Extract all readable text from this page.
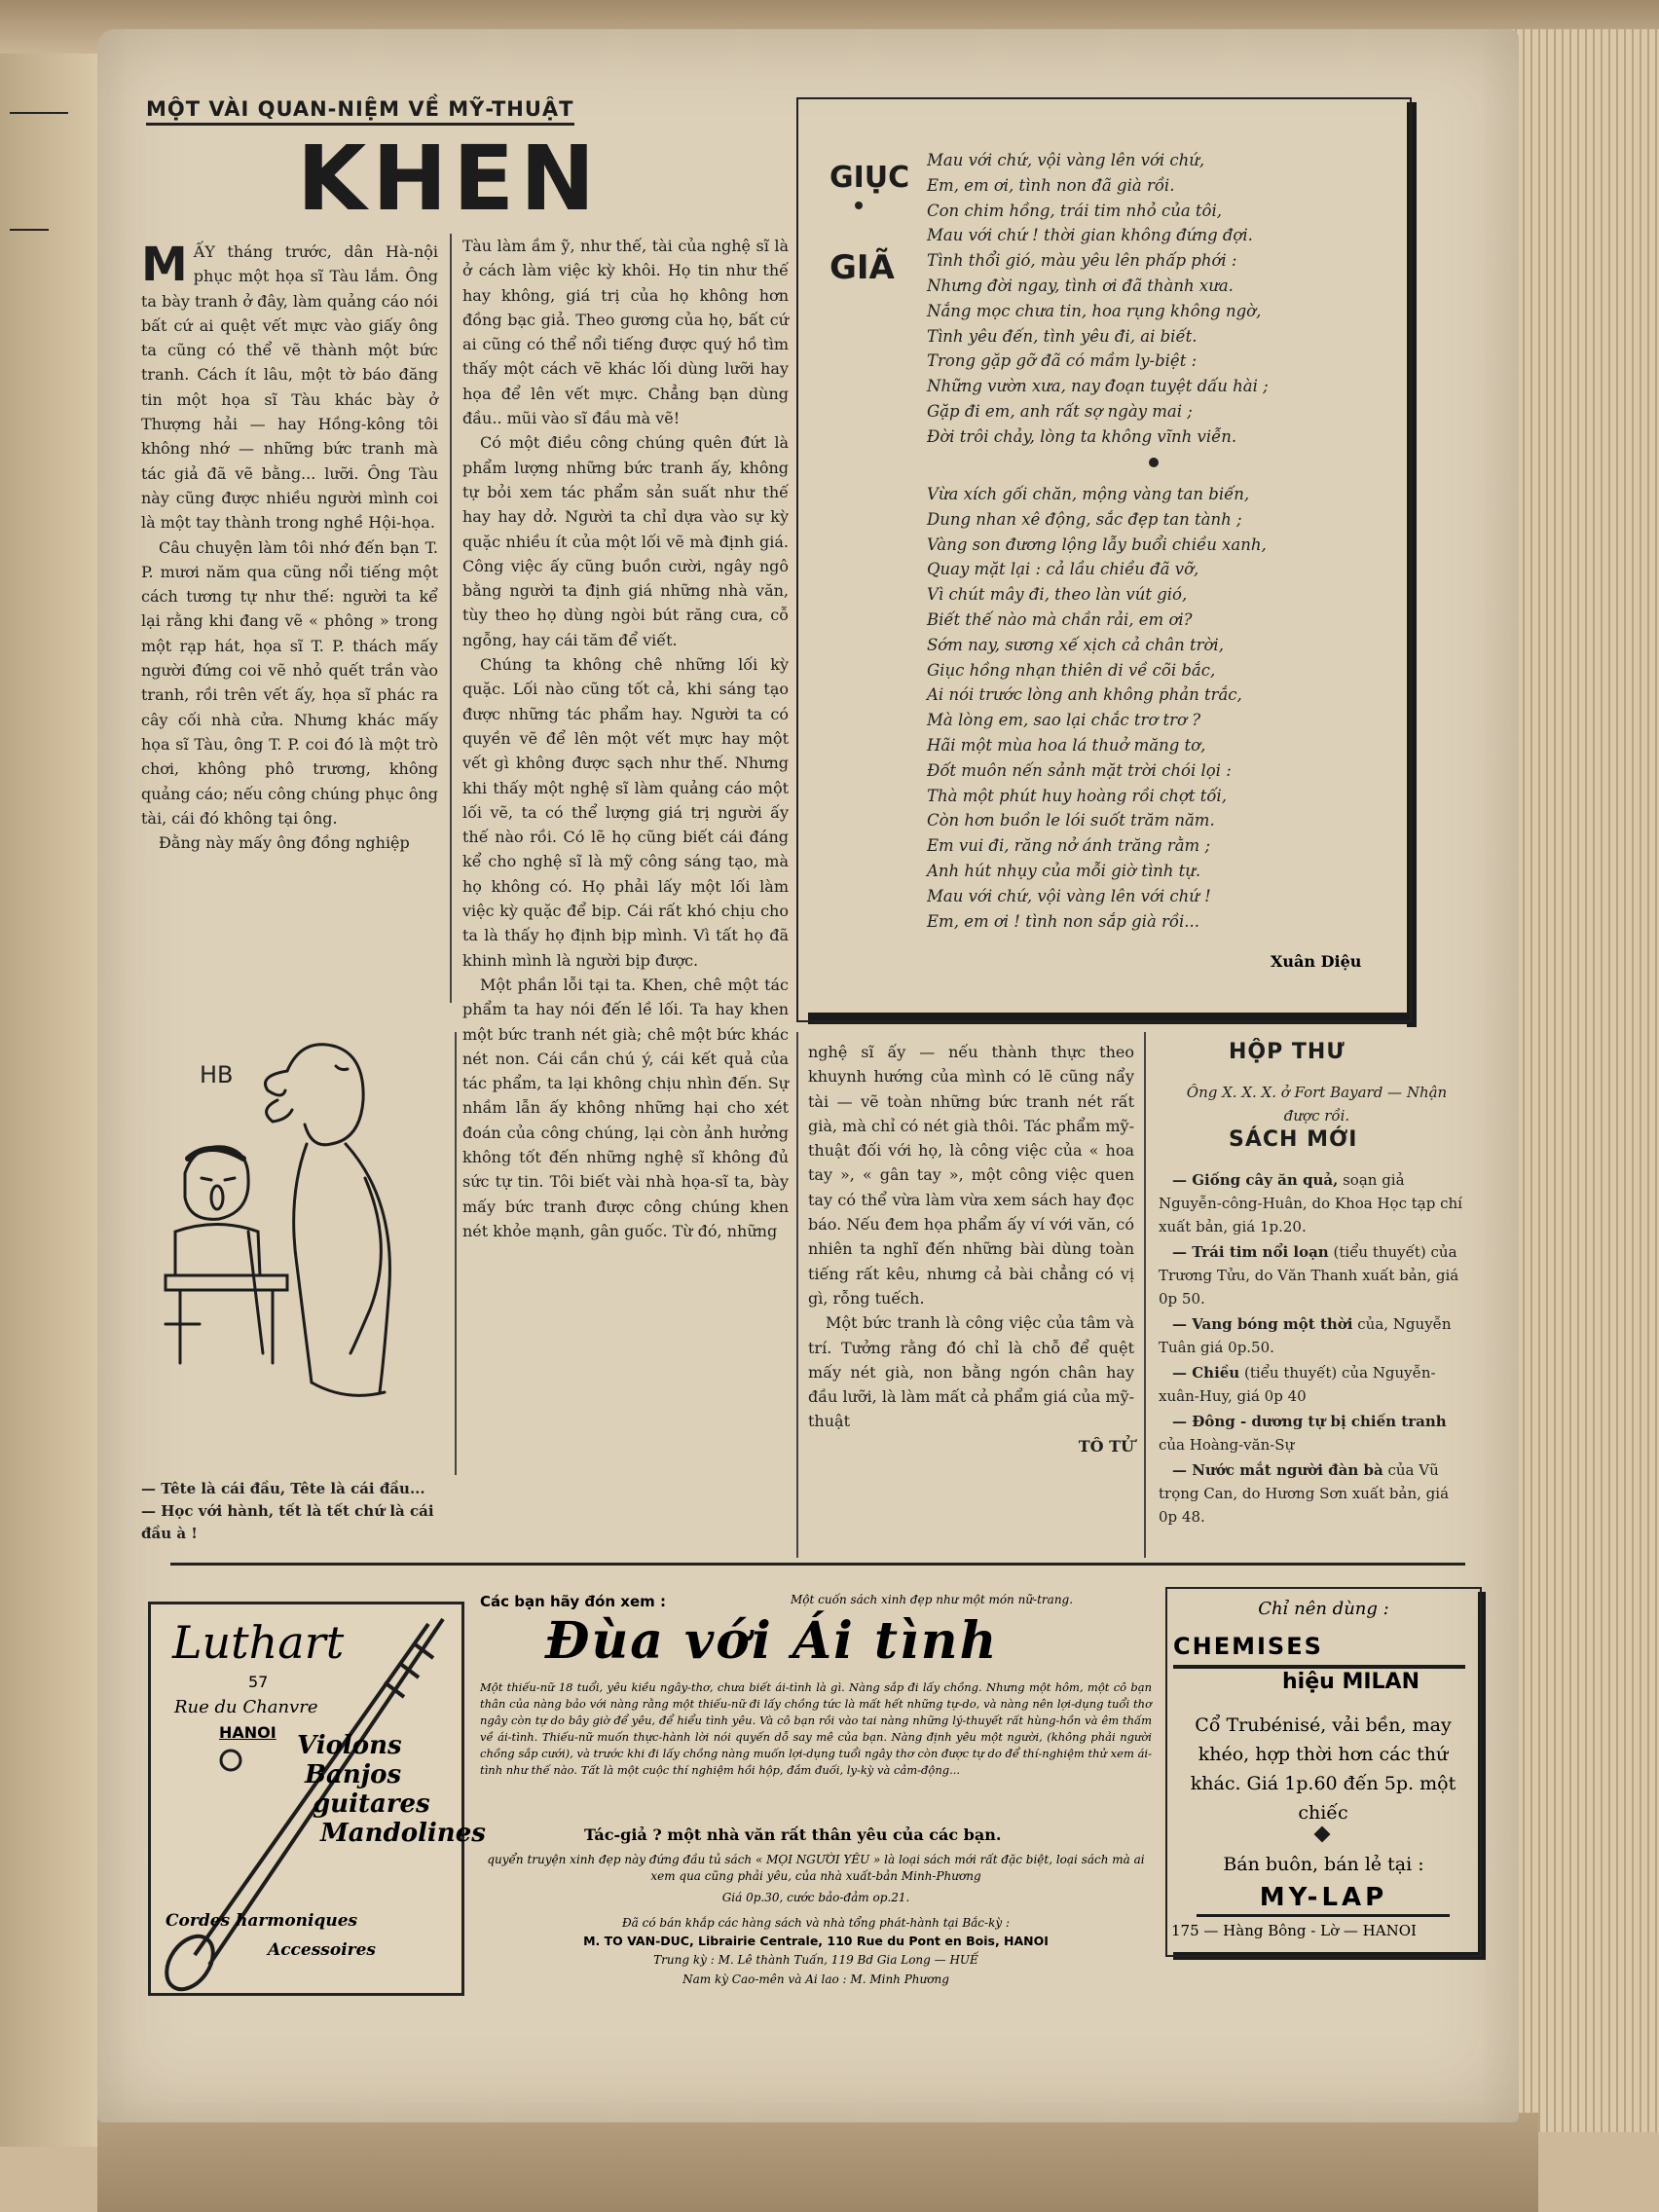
MỘT VÀI QUAN-NIỆM VỀ MỸ-THUẬT
KHEN

MẤY tháng trước, dân Hà-nội phục một họa sĩ Tàu lắm. Ông ta bày tranh ở đây, làm quảng cáo nói bất cứ ai quệt vết mực vào giấy ông ta cũng có thể vẽ thành một bức tranh. Cách ít lâu, một tờ báo đăng tin một họa sĩ Tàu khác bày ở Thượng hải — hay Hồng-kông tôi không nhớ — những bức tranh mà tác giả đã vẽ bằng... lưỡi. Ông Tàu này cũng được nhiều người mình coi là một tay thành trong nghề Hội-họa.

Câu chuyện làm tôi nhớ đến bạn T. P. mươi năm qua cũng nổi tiếng một cách tương tự như thế: người ta kể lại rằng khi đang vẽ « phông » trong một rạp hát, họa sĩ T. P. thách mấy người đứng coi vẽ nhỏ quết trần vào tranh, rồi trên vết ấy, họa sĩ phác ra cây cối nhà cửa. Nhưng khác mấy họa sĩ Tàu, ông T. P. coi đó là một trò chơi, không phô trương, không quảng cáo; nếu công chúng phục ông tài, cái đó không tại ông.

Đằng này mấy ông đồng nghiệp

Tàu làm ầm ỹ, như thế, tài của nghệ sĩ là ở cách làm việc kỳ khôi. Họ tin như thế hay không, giá trị của họ không hơn đồng bạc giả. Theo gương của họ, bất cứ ai cũng có thể nổi tiếng được quý hồ tìm thấy một cách vẽ khác lối dùng lưỡi hay họa để lên vết mực. Chẳng bạn dùng đầu.. mũi vào sĩ đầu mà vẽ!

Có một điều công chúng quên đứt là phẩm lượng những bức tranh ấy, không tự bỏi xem tác phẩm sản suất như thế hay hay dở. Người ta chỉ dựa vào sự kỳ quặc nhiều ít của một lối vẽ mà định giá. Công việc ấy cũng buồn cười, ngây ngô bằng người ta định giá những nhà văn, tùy theo họ dùng ngòi bút răng cưa, cỗ ngỗng, hay cái tăm để viết.

Chúng ta không chê những lối kỳ quặc. Lối nào cũng tốt cả, khi sáng tạo được những tác phẩm hay. Người ta có quyền vẽ để lên một vết mực hay một vết gì không được sạch như thế. Nhưng khi thấy một nghệ sĩ làm quảng cáo một lối vẽ, ta có thể lượng giá trị người ấy thế nào rồi. Có lẽ họ cũng biết cái đáng kể cho nghệ sĩ là mỹ công sáng tạo, mà họ không có. Họ phải lấy một lối làm việc kỳ quặc để bịp. Cái rất khó chịu cho ta là thấy họ định bịp mình. Vì tất họ đã khinh mình là người bịp được.

Một phần lỗi tại ta. Khen, chê một tác phẩm ta hay nói đến lề lối. Ta hay khen một bức tranh nét già; chê một bức khác nét non. Cái cần chú ý, cái kết quả của tác phẩm, ta lại không chịu nhìn đến. Sự nhầm lẫn ấy không những hại cho xét đoán của công chúng, lại còn ảnh hưởng không tốt đến những nghệ sĩ không đủ sức tự tin. Tôi biết vài nhà họa-sĩ ta, bày mấy bức tranh được công chúng khen nét khỏe mạnh, gân guốc. Từ đó, những

nghệ sĩ ấy — nếu thành thực theo khuynh hướng của mình có lẽ cũng nẩy tài — vẽ toàn những bức tranh nét rất già, mà chỉ có nét già thôi. Tác phẩm mỹ-thuật đối với họ, là công việc của « hoa tay », « gân tay », một công việc quen tay có thể vừa làm vừa xem sách hay đọc báo. Nếu đem họa phẩm ấy ví với văn, có nhiên ta nghĩ đến những bài dùng toàn tiếng rất kêu, nhưng cả bài chẳng có vị gì, rỗng tuếch.

Một bức tranh là công việc của tâm và trí. Tưởng rằng đó chỉ là chỗ để quệt mấy nét già, non bằng ngón chân hay đầu lưỡi, là làm mất cả phẩm giá của mỹ-thuật

TÔ TỬ
GIỤC
GIÃ
Mau với chứ, vội vàng lên với chứ,
Em, em ơi, tình non đã già rồi.
Con chim hồng, trái tim nhỏ của tôi,
Mau với chứ ! thời gian không đứng đợi.
Tình thổi gió, màu yêu lên phấp phới :
Nhưng đời ngay, tình ơi đã thành xưa.
Nắng mọc chưa tin, hoa rụng không ngờ,
Tình yêu đến, tình yêu đi, ai biết.
Trong gặp gỡ đã có mầm ly-biệt :
Những vườn xưa, nay đoạn tuyệt dấu hài ;
Gặp đi em, anh rất sợ ngày mai ;
Đời trôi chảy, lòng ta không vĩnh viễn.
Vừa xích gối chăn, mộng vàng tan biến,
Dung nhan xê động, sắc đẹp tan tành ;
Vàng son đương lộng lẫy buổi chiều xanh,
Quay mặt lại : cả lầu chiều đã vỡ,
Vì chút mây đi, theo làn vút gió,
Biết thế nào mà chần rải, em ơi?
Sớm nay, sương xế xịch cả chân trời,
Giục hồng nhạn thiên di về cõi bắc,
Ai nói trước lòng anh không phản trắc,
Mà lòng em, sao lại chắc trơ trơ ?
Hãi một mùa hoa lá thuở măng tơ,
Đốt muôn nến sảnh mặt trời chói lọi :
Thà một phút huy hoàng rồi chợt tối,
Còn hơn buồn le lói suốt trăm năm.
Em vui đi, răng nở ánh trăng rằm ;
Anh hút nhụy của mỗi giờ tình tự.
Mau với chứ, vội vàng lên với chứ !
Em, em ơi ! tình non sắp già rồi...
Xuân Diệu
HỘP THƯ
Ông X. X. X. ở Fort Bayard — Nhận được rồi.
SÁCH MỚI

— Giống cây ăn quả, soạn giả Nguyễn-công-Huân, do Khoa Học tạp chí xuất bản, giá 1p.20.

— Trái tim nổi loạn (tiểu thuyết) của Trương Tửu, do Văn Thanh xuất bản, giá 0p 50.

— Vang bóng một thời của, Nguyễn Tuân giá 0p.50.

— Chiều (tiểu thuyết) của Nguyễn-xuân-Huy, giá 0p 40

— Đông - dương tự bị chiến tranh của Hoàng-văn-Sự

— Nước mắt người đàn bà của Vũ trọng Can, do Hương Sơn xuất bản, giá 0p 48.

HB
— Tête là cái đầu, Tête là cái đầu...
— Học với hành, tết là tết chứ là cái đầu à !
Luthart
57
Rue du Chanvre
HANOI Violons
Banjos
guitares
Mandolines
Cordes harmoniques
Accessoires
Các bạn hãy đón xem :	Một cuốn sách xinh đẹp như một món nữ-trang.
Đùa với Ái tình
Một thiếu-nữ 18 tuổi, yêu kiều ngây-thơ, chưa biết ái-tình là gì. Nàng sắp đi lấy chồng. Nhưng một hôm, một cô bạn thân của nàng bảo với nàng rằng một thiếu-nữ đi lấy chồng tức là mất hết những tự-do, và nàng nên lợi-dụng tuổi thơ ngây còn tự do bây giờ để yêu, để hiểu tình yêu. Và cô bạn rồi vào tai nàng những lý-thuyết rất hùng-hồn và êm thấm về ái-tình. Thiếu-nữ muốn thực-hành lời nói quyến dỗ say mê của bạn. Nàng định yêu một người, (không phải người chồng sắp cưới), và trước khi đi lấy chồng nàng muốn lợi-dụng tuổi ngây thơ còn được tự do để thí-nghiệm thử xem ái-tình như thế nào. Tất là một cuộc thí nghiệm hồi hộp, đắm đuối, ly-kỳ và cảm-động...
Tác-giả ? một nhà văn rất thân yêu của các bạn.
quyển truyện xinh đẹp này đứng đầu tủ sách « MỌI NGƯỜI YÊU » là loại sách mới rất đặc biệt, loại sách mà ai xem qua cũng phải yêu, của nhà xuất-bản Minh-Phương
Giá 0p.30, cước bảo-đảm op.21.
Đã có bán khắp các hàng sách và nhà tổng phát-hành tại Bắc-kỳ :
M. TO VAN-DUC, Librairie Centrale, 110 Rue du Pont en Bois, HANOI
Trung kỳ : M. Lê thành Tuấn, 119 Bd Gia Long — HUẾ
Nam kỳ Cao-mên và Ai lao : M. Minh Phương
Chỉ nên dùng :
CHEMISES
hiệu MILAN
Cổ Trubénisé, vải bền, may khéo, hợp thời hơn các thứ khác. Giá 1p.60 đến 5p. một chiếc
Bán buôn, bán lẻ tại :
MY-LAP
175 — Hàng Bông - Lờ — HANOI
